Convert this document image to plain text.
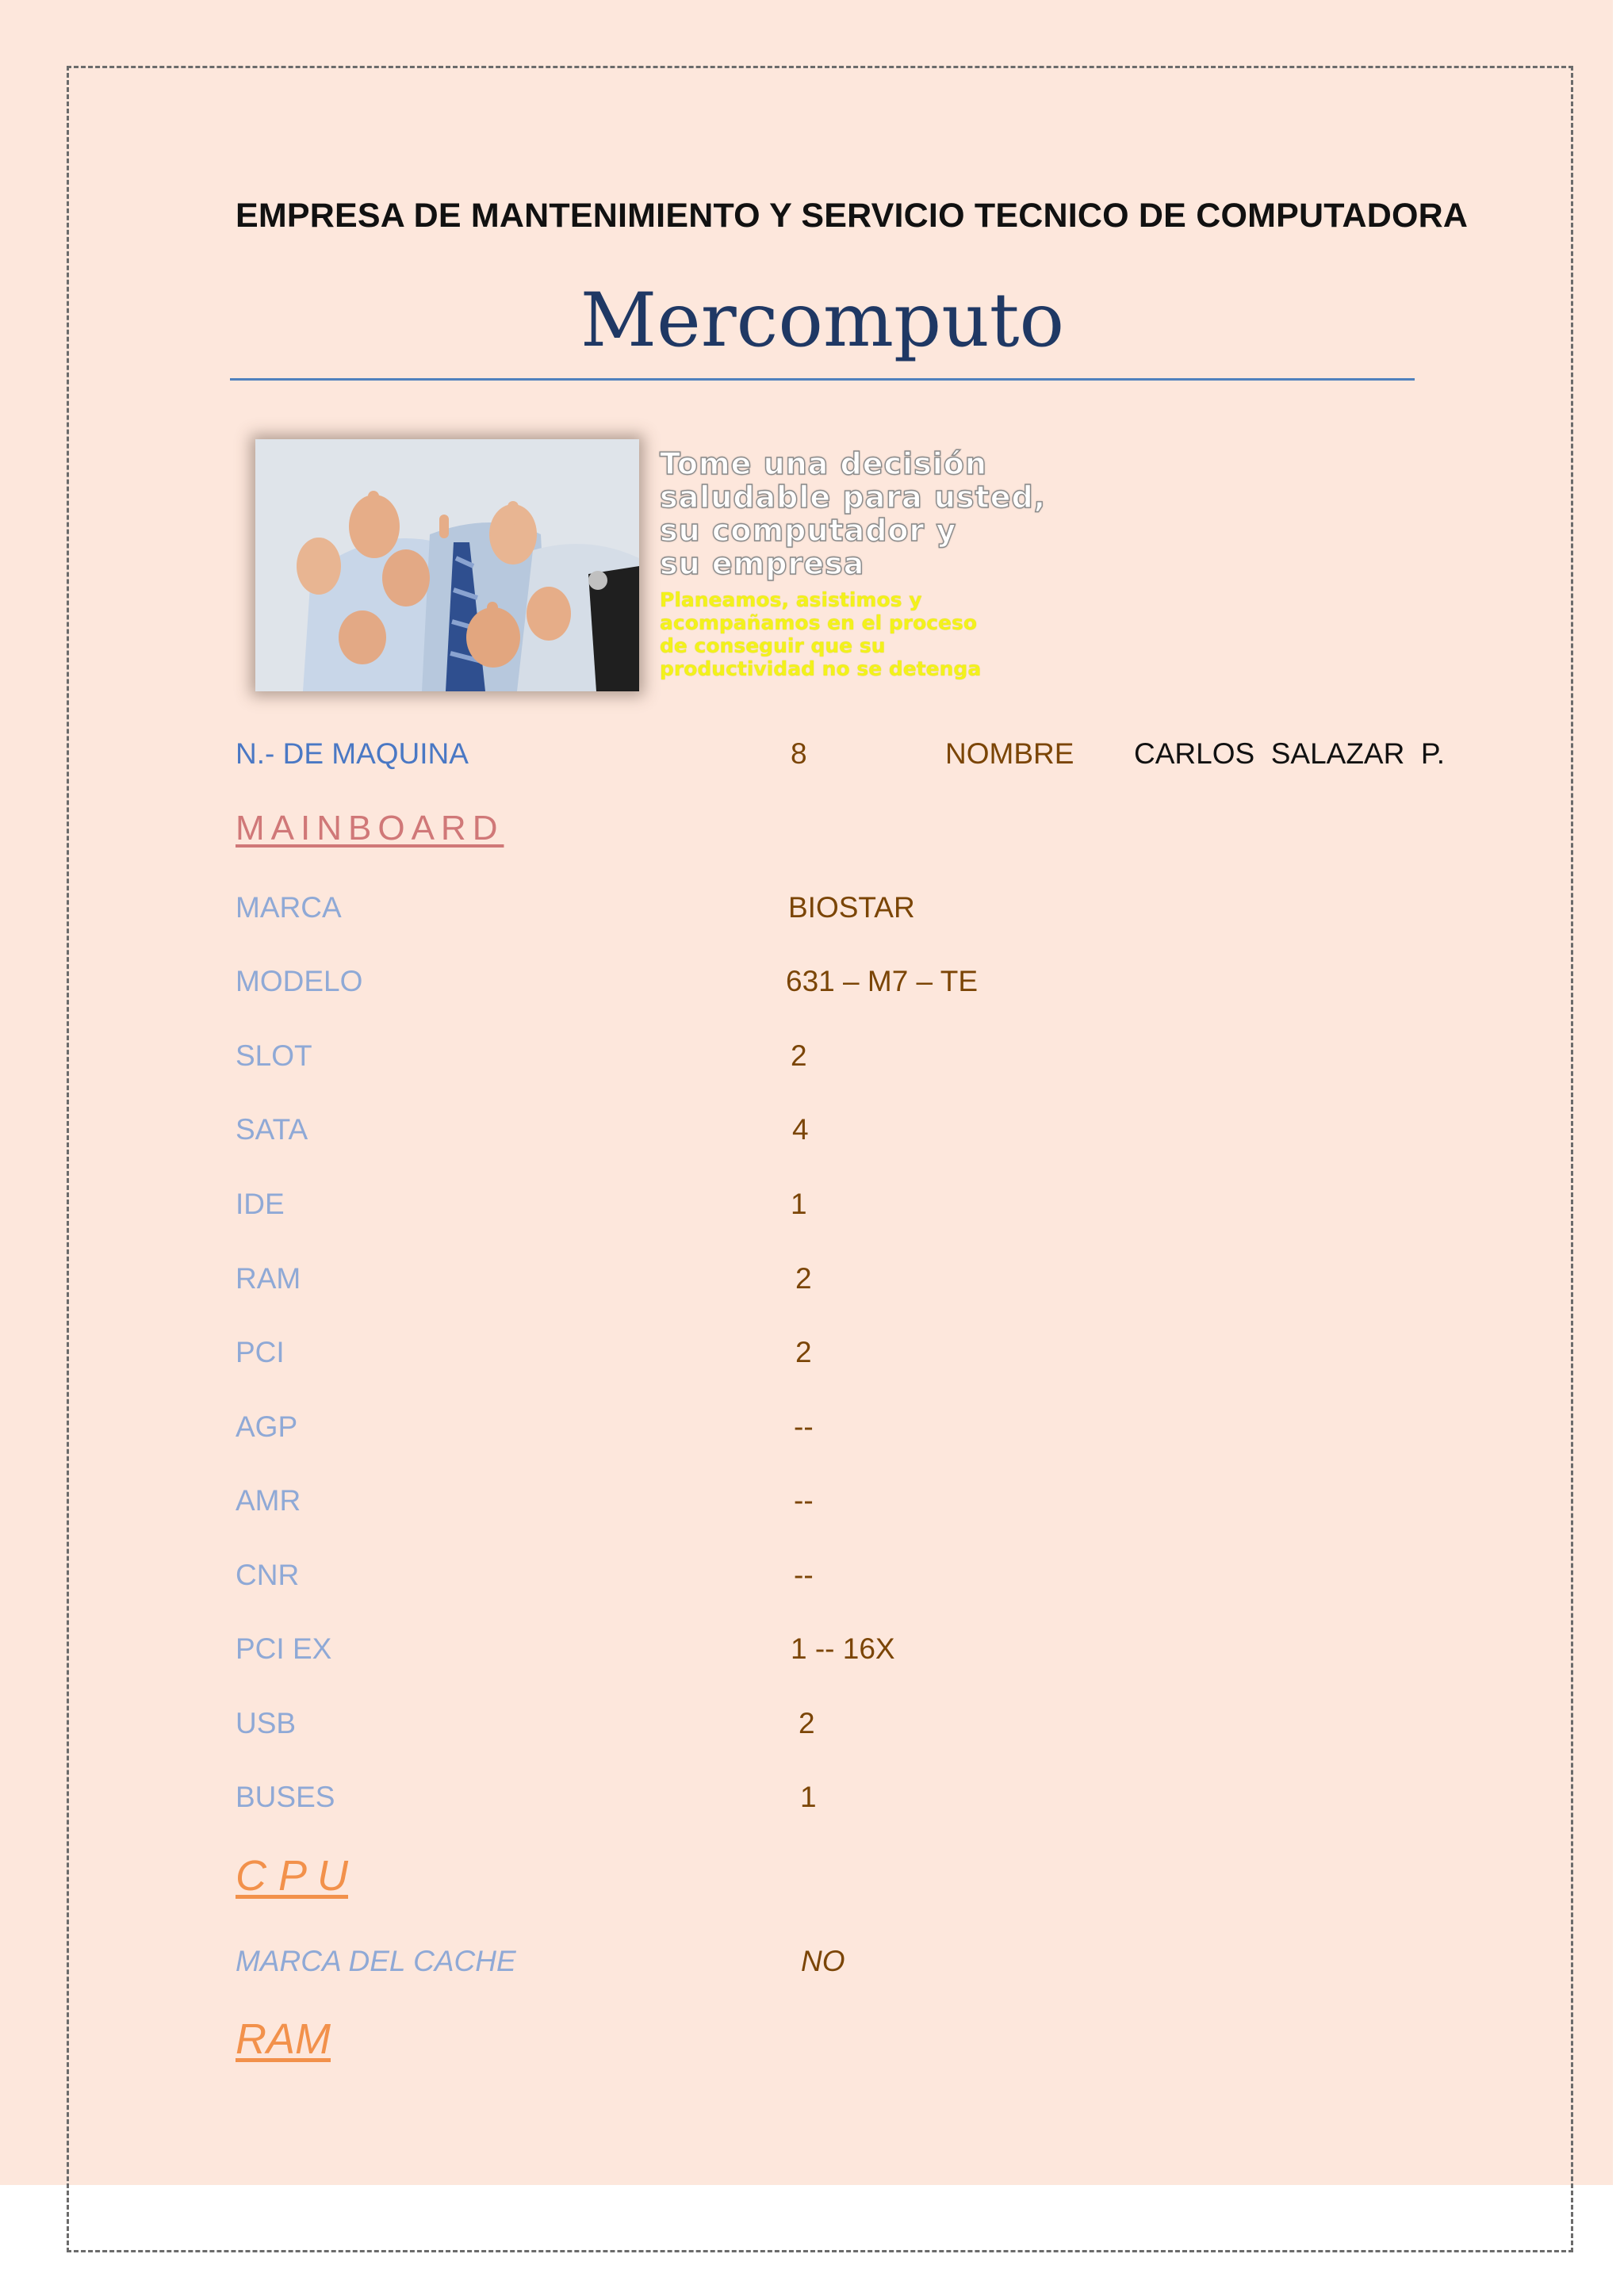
EMPRESA DE MANTENIMIENTO Y SERVICIO TECNICO DE COMPUTADORA
Mercomputo
Tome una decisión
saludable para usted,
su computador y
su empresa
Planeamos, asistimos y
acompañamos en el proceso
de conseguir que su
productividad no se detenga
N.- DE MAQUINA	8	NOMBRE CARLOS  SALAZAR  P.
MAINBOARD
MARCA	BIOSTAR
MODELO	631 – M7 – TE
SLOT	2
SATA	4
IDE	1
RAM	2
PCI	2
AGP	--
AMR	--
CNR	--
PCI EX	1 -- 16X
USB	2
BUSES	1
C P U
MARCA DEL CACHE	NO
RAM
